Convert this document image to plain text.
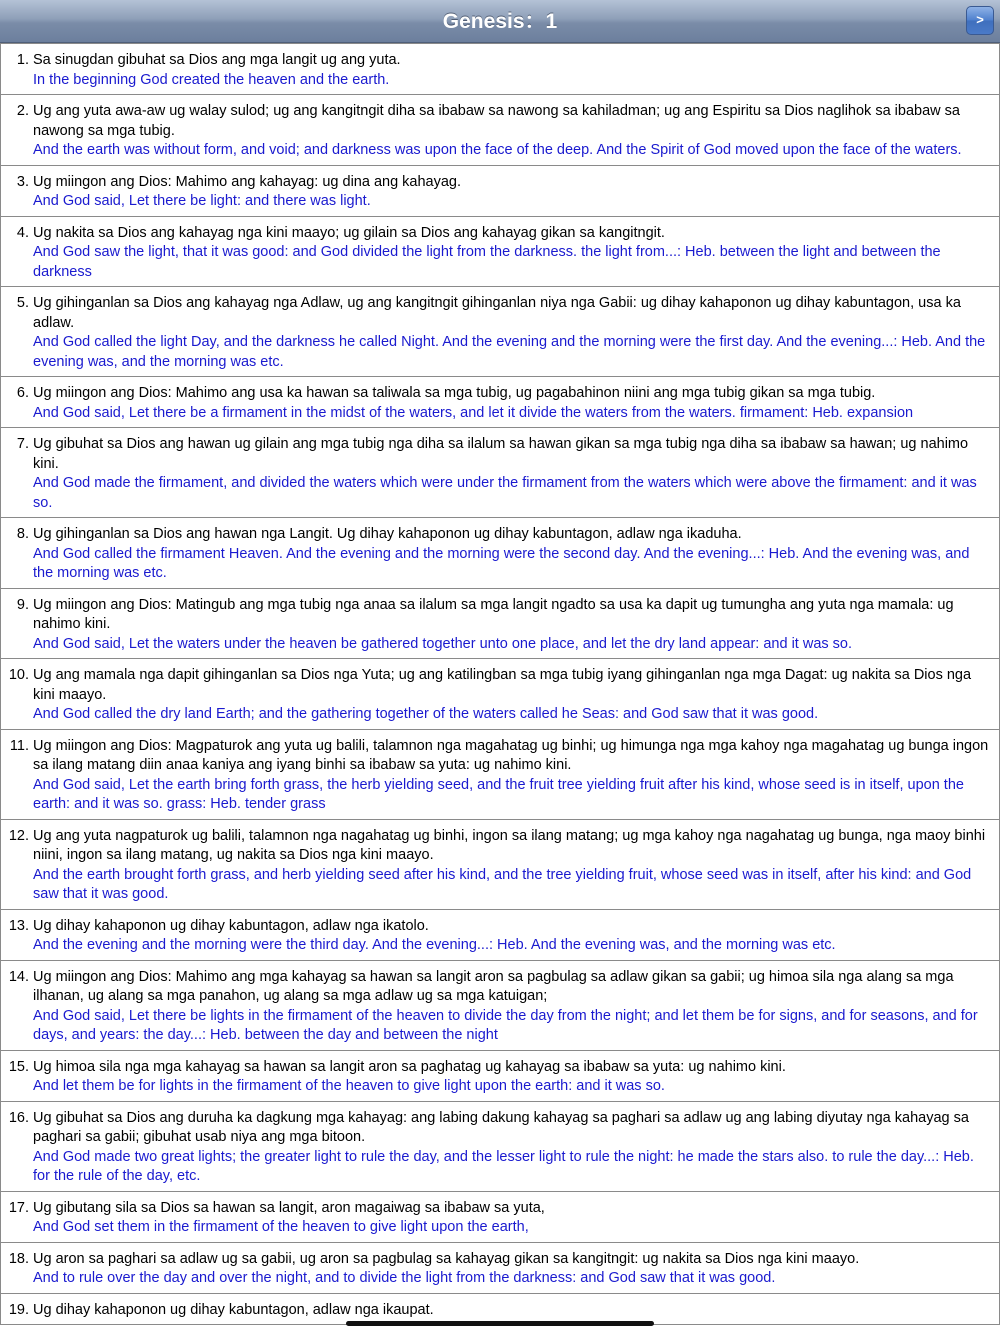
Genesis：1	>
1. Sa sinugdan gibuhat sa Dios ang mga langit ug ang yuta.
In the beginning God created the heaven and the earth.
2. Ug ang yuta awa-aw ug walay sulod; ug ang kangitngit diha sa ibabaw sa nawong sa kahiladman; ug ang Espiritu sa Dios naglihok sa ibabaw sa nawong sa mga tubig.
And the earth was without form, and void; and darkness was upon the face of the deep. And the Spirit of God moved upon the face of the waters.
3. Ug miingon ang Dios: Mahimo ang kahayag: ug dina ang kahayag.
And God said, Let there be light: and there was light.
4. Ug nakita sa Dios ang kahayag nga kini maayo; ug gilain sa Dios ang kahayag gikan sa kangitngit.
And God saw the light, that it was good: and God divided the light from the darkness. the light from...: Heb. between the light and between the darkness
5. Ug gihinganlan sa Dios ang kahayag nga Adlaw, ug ang kangitngit gihinganlan niya nga Gabii: ug dihay kahaponon ug dihay kabuntagon, usa ka adlaw.
And God called the light Day, and the darkness he called Night. And the evening and the morning were the first day. And the evening...: Heb. And the evening was, and the morning was etc.
6. Ug miingon ang Dios: Mahimo ang usa ka hawan sa taliwala sa mga tubig, ug pagabahinon niini ang mga tubig gikan sa mga tubig.
And God said, Let there be a firmament in the midst of the waters, and let it divide the waters from the waters. firmament: Heb. expansion
7. Ug gibuhat sa Dios ang hawan ug gilain ang mga tubig nga diha sa ilalum sa hawan gikan sa mga tubig nga diha sa ibabaw sa hawan; ug nahimo kini.
And God made the firmament, and divided the waters which were under the firmament from the waters which were above the firmament: and it was so.
8. Ug gihinganlan sa Dios ang hawan nga Langit. Ug dihay kahaponon ug dihay kabuntagon, adlaw nga ikaduha.
And God called the firmament Heaven. And the evening and the morning were the second day. And the evening...: Heb. And the evening was, and the morning was etc.
9. Ug miingon ang Dios: Matingub ang mga tubig nga anaa sa ilalum sa mga langit ngadto sa usa ka dapit ug tumungha ang yuta nga mamala: ug nahimo kini.
And God said, Let the waters under the heaven be gathered together unto one place, and let the dry land appear: and it was so.
10. Ug ang mamala nga dapit gihinganlan sa Dios nga Yuta; ug ang katilingban sa mga tubig iyang gihinganlan nga mga Dagat: ug nakita sa Dios nga kini maayo.
And God called the dry land Earth; and the gathering together of the waters called he Seas: and God saw that it was good.
11. Ug miingon ang Dios: Magpaturok ang yuta ug balili, talamnon nga magahatag ug binhi; ug himunga nga mga kahoy nga magahatag ug bunga ingon sa ilang matang diin anaa kaniya ang iyang binhi sa ibabaw sa yuta: ug nahimo kini.
And God said, Let the earth bring forth grass, the herb yielding seed, and the fruit tree yielding fruit after his kind, whose seed is in itself, upon the earth: and it was so. grass: Heb. tender grass
12. Ug ang yuta nagpaturok ug balili, talamnon nga nagahatag ug binhi, ingon sa ilang matang; ug mga kahoy nga nagahatag ug bunga, nga maoy binhi niini, ingon sa ilang matang, ug nakita sa Dios nga kini maayo.
And the earth brought forth grass, and herb yielding seed after his kind, and the tree yielding fruit, whose seed was in itself, after his kind: and God saw that it was good.
13. Ug dihay kahaponon ug dihay kabuntagon, adlaw nga ikatolo.
And the evening and the morning were the third day. And the evening...: Heb. And the evening was, and the morning was etc.
14. Ug miingon ang Dios: Mahimo ang mga kahayag sa hawan sa langit aron sa pagbulag sa adlaw gikan sa gabii; ug himoa sila nga alang sa mga ilhanan, ug alang sa mga panahon, ug alang sa mga adlaw ug sa mga katuigan;
And God said, Let there be lights in the firmament of the heaven to divide the day from the night; and let them be for signs, and for seasons, and for days, and years: the day...: Heb. between the day and between the night
15. Ug himoa sila nga mga kahayag sa hawan sa langit aron sa paghatag ug kahayag sa ibabaw sa yuta: ug nahimo kini.
And let them be for lights in the firmament of the heaven to give light upon the earth: and it was so.
16. Ug gibuhat sa Dios ang duruha ka dagkung mga kahayag: ang labing dakung kahayag sa paghari sa adlaw ug ang labing diyutay nga kahayag sa paghari sa gabii; gibuhat usab niya ang mga bitoon.
And God made two great lights; the greater light to rule the day, and the lesser light to rule the night: he made the stars also. to rule the day...: Heb. for the rule of the day, etc.
17. Ug gibutang sila sa Dios sa hawan sa langit, aron magaiwag sa ibabaw sa yuta,
And God set them in the firmament of the heaven to give light upon the earth,
18. Ug aron sa paghari sa adlaw ug sa gabii, ug aron sa pagbulag sa kahayag gikan sa kangitngit: ug nakita sa Dios nga kini maayo.
And to rule over the day and over the night, and to divide the light from the darkness: and God saw that it was good.
19. Ug dihay kahaponon ug dihay kabuntagon, adlaw nga ikaupat.
